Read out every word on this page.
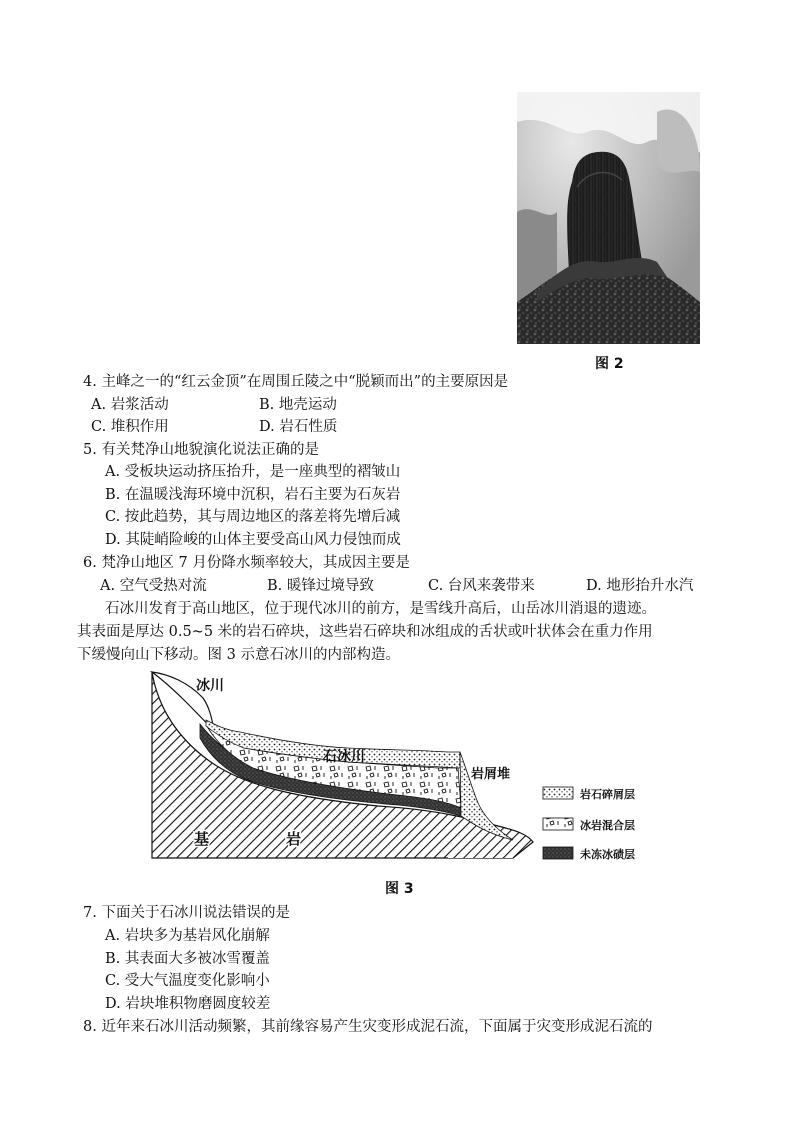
图 2
4. 主峰之一的“红云金顶”在周围丘陵之中“脱颖而出”的主要原因是
A. 岩浆活动	B. 地壳运动
C. 堆积作用	D. 岩石性质
5. 有关梵净山地貌演化说法正确的是
A. 受板块运动挤压抬升，是一座典型的褶皱山
B. 在温暖浅海环境中沉积，岩石主要为石灰岩
C. 按此趋势，其与周边地区的落差将先增后减
D. 其陡峭险峻的山体主要受高山风力侵蚀而成
6. 梵净山地区 7 月份降水频率较大，其成因主要是
A. 空气受热对流	B. 暖锋过境导致	C. 台风来袭带来	D. 地形抬升水汽
石冰川发育于高山地区，位于现代冰川的前方，是雪线升高后，山岳冰川消退的遗迹。
其表面是厚达 0.5~5 米的岩石碎块，这些岩石碎块和冰组成的舌状或叶状体会在重力作用
下缓慢向山下移动。图 3 示意石冰川的内部构造。
冰川
石冰川
岩屑堆
基	岩
岩石碎屑层
冰岩混合层
未冻冰碛层
图 3
7. 下面关于石冰川说法错误的是
A. 岩块多为基岩风化崩解
B. 其表面大多被冰雪覆盖
C. 受大气温度变化影响小
D. 岩块堆积物磨圆度较差
8. 近年来石冰川活动频繁，其前缘容易产生灾变形成泥石流，下面属于灾变形成泥石流的
